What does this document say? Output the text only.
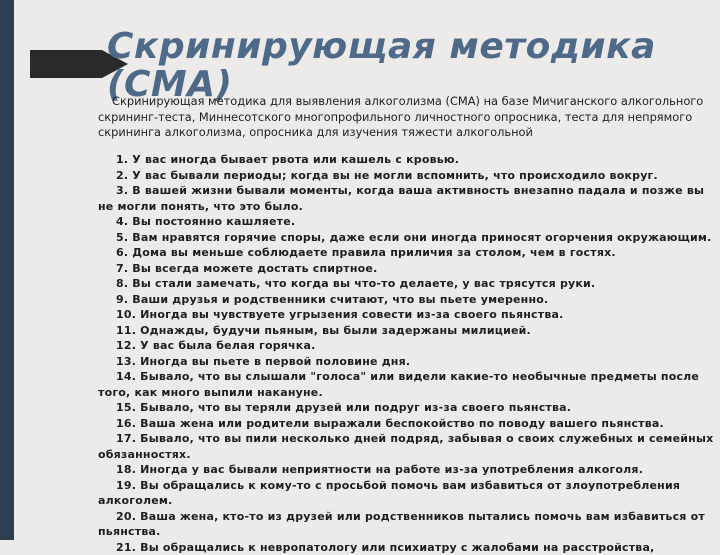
Скринирующая методика (СМА)

Скринирующая методика для выявления алкоголизма (СМА) на базе Мичиганского алкогольного скрининг-теста, Миннесотского многопрофильного личностного опросника, теста для непрямого скрининга алкоголизма, опросника для изучения тяжести алкогольной

1. У вас иногда бывает рвота или кашель с кровью.
2. У вас бывали периоды; когда вы не могли вспомнить, что происходило вокруг.
3. В вашей жизни бывали моменты, когда ваша активность внезапно падала и позже вы не могли понять, что это было.
4. Вы постоянно кашляете.
5. Вам нравятся горячие споры, даже если они иногда приносят огорчения окружающим.
6. Дома вы меньше соблюдаете правила приличия за столом, чем в гостях.
7. Вы всегда можете достать спиртное.
8. Вы стали замечать, что когда вы что-то делаете, у вас трясутся руки.
9. Ваши друзья и родственники считают, что вы пьете умеренно.
10. Иногда вы чувствуете угрызения совести из-за своего пьянства.
11. Однажды, будучи пьяным, вы были задержаны милицией.
12. У вас была белая горячка.
13. Иногда вы пьете в первой половине дня.
14. Бывало, что вы слышали "голоса" или видели какие-то необычные предметы после того, как много выпили накануне.
15. Бывало, что вы теряли друзей или подруг из-за своего пьянства.
16. Ваша жена или родители выражали беспокойство по поводу вашего пьянства.
17. Бывало, что вы пили несколько дней подряд, забывая о своих служебных и семейных обязанностях.
18. Иногда у вас бывали неприятности на работе из-за употребления алкоголя.
19. Вы обращались к кому-то с просьбой помочь вам избавиться от злоупотребления алкоголем.
20. Ваша жена, кто-то из друзей или родственников пытались помочь вам избавиться от пьянства.
21. Вы обращались к невропатологу или психиатру с жалобами на расстройства,
